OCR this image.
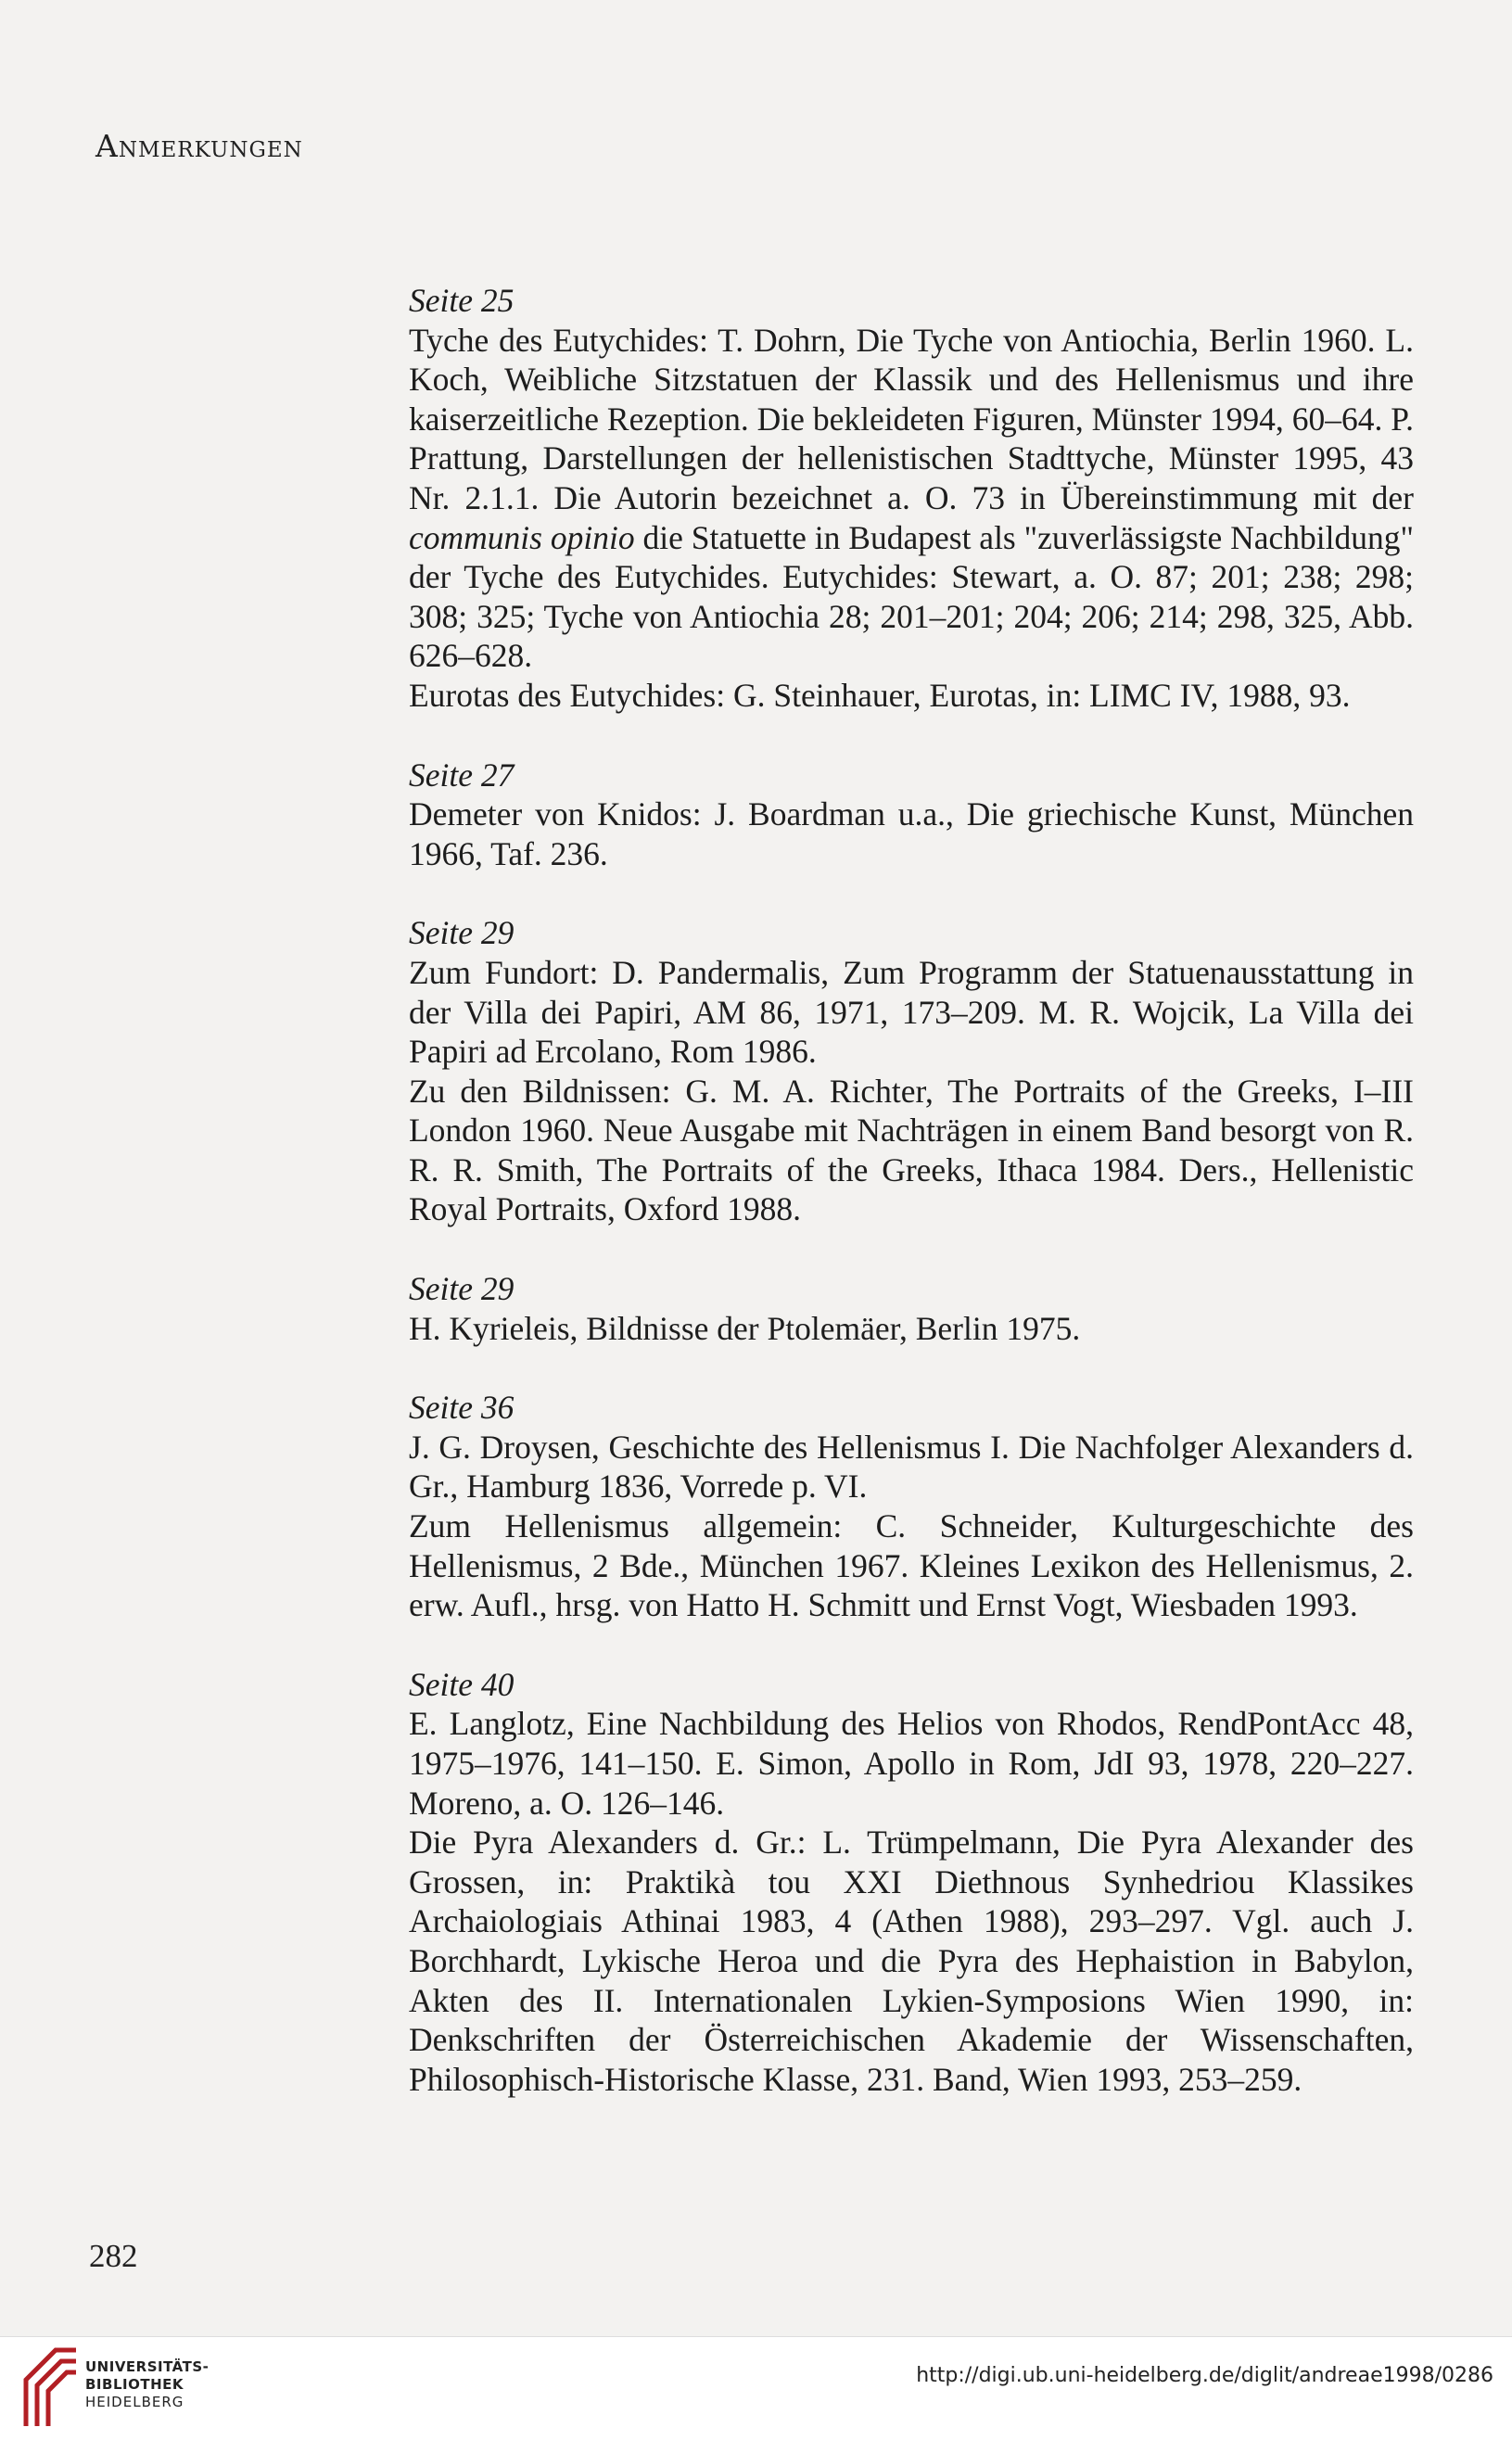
Anmerkungen
Seite 25
Tyche des Eutychides: T. Dohrn, Die Tyche von Antiochia, Berlin 1960. L. Koch, Weibliche Sitzstatuen der Klassik und des Hellenismus und ihre kaiserzeitliche Rezeption. Die bekleideten Figuren, Münster 1994, 60–64. P. Prattung, Darstellungen der hellenistischen Stadttyche, Münster 1995, 43 Nr. 2.1.1. Die Autorin bezeichnet a. O. 73 in Übereinstimmung mit der communis opinio die Statuette in Budapest als "zuverlässigste Nachbildung" der Tyche des Eutychides. Eutychides: Stewart, a. O. 87; 201; 238; 298; 308; 325; Tyche von Antiochia 28; 201–201; 204; 206; 214; 298, 325, Abb. 626–628.
Eurotas des Eutychides: G. Steinhauer, Eurotas, in: LIMC IV, 1988, 93.
Seite 27
Demeter von Knidos: J. Boardman u.a., Die griechische Kunst, München 1966, Taf. 236.
Seite 29
Zum Fundort: D. Pandermalis, Zum Programm der Statuenausstattung in der Villa dei Papiri, AM 86, 1971, 173–209. M. R. Wojcik, La Villa dei Papiri ad Ercolano, Rom 1986.
Zu den Bildnissen: G. M. A. Richter, The Portraits of the Greeks, I–III London 1960. Neue Ausgabe mit Nachträgen in einem Band besorgt von R. R. R. Smith, The Portraits of the Greeks, Ithaca 1984. Ders., Hellenistic Royal Portraits, Oxford 1988.
Seite 29
H. Kyrieleis, Bildnisse der Ptolemäer, Berlin 1975.
Seite 36
J. G. Droysen, Geschichte des Hellenismus I. Die Nachfolger Alexanders d. Gr., Hamburg 1836, Vorrede p. VI.
Zum Hellenismus allgemein: C. Schneider, Kulturgeschichte des Hellenismus, 2 Bde., München 1967. Kleines Lexikon des Hellenismus, 2. erw. Aufl., hrsg. von Hatto H. Schmitt und Ernst Vogt, Wiesbaden 1993.
Seite 40
E. Langlotz, Eine Nachbildung des Helios von Rhodos, RendPontAcc 48, 1975–1976, 141–150. E. Simon, Apollo in Rom, JdI 93, 1978, 220–227. Moreno, a. O. 126–146.
Die Pyra Alexanders d. Gr.: L. Trümpelmann, Die Pyra Alexander des Grossen, in: Praktikà tou XXI Diethnous Synhedriou Klassikes Archaiologiais Athinai 1983, 4 (Athen 1988), 293–297. Vgl. auch J. Borchhardt, Lykische Heroa und die Pyra des Hephaistion in Babylon, Akten des II. Internationalen Lykien-Symposions Wien 1990, in: Denkschriften der Österreichischen Akademie der Wissenschaften, Philosophisch-Historische Klasse, 231. Band, Wien 1993, 253–259.
282
UNIVERSITÄTS-
BIBLIOTHEK
HEIDELBERG
http://digi.ub.uni-heidelberg.de/diglit/andreae1998/0286
